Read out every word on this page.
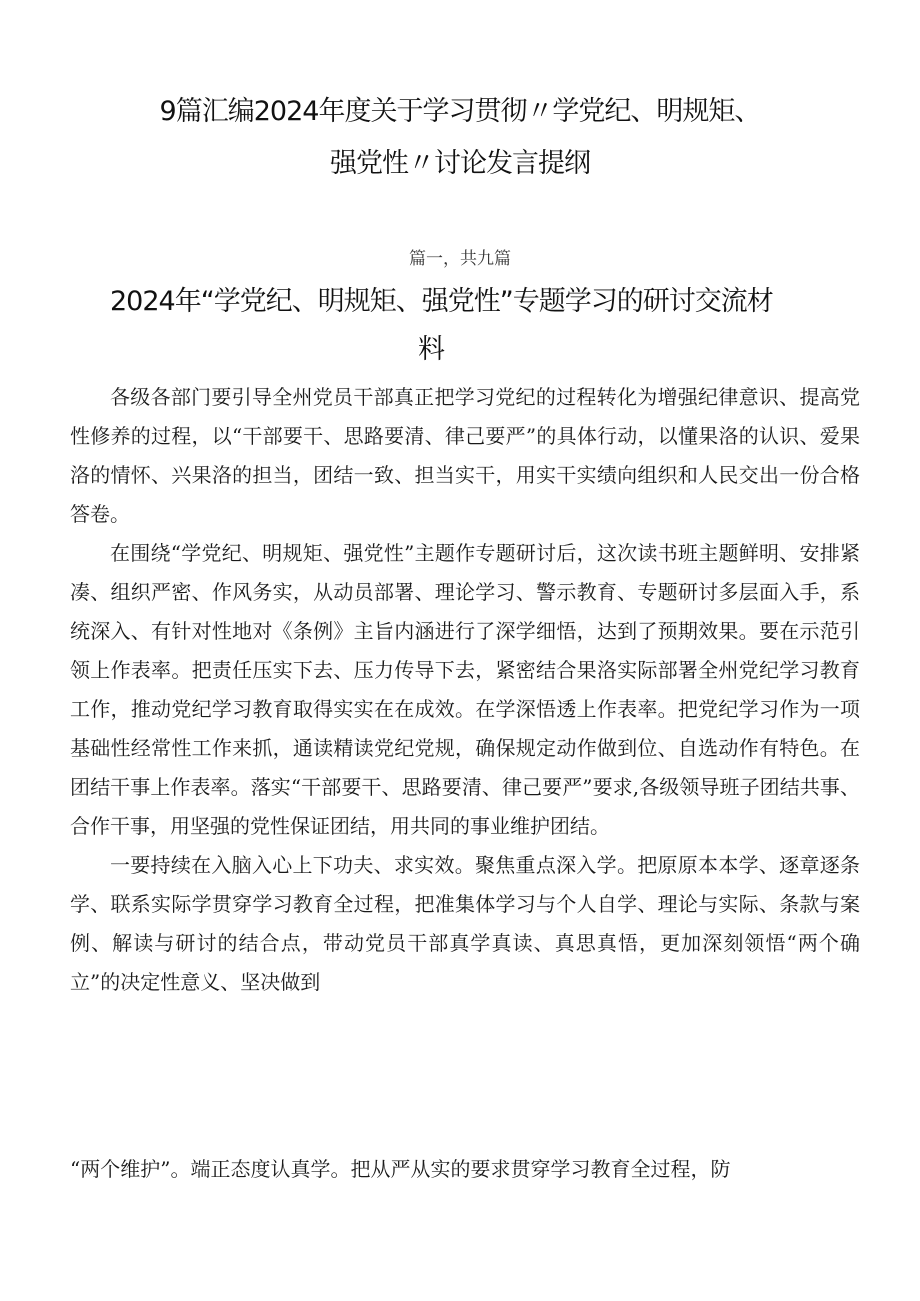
9篇汇编2024年度关于学习贯彻〃学党纪、明规矩、
强党性〃讨论发言提纲
篇一，共九篇
2024年“学党纪、明规矩、强党性”专题学习的研讨交流材
料

各级各部门要引导全州党员干部真正把学习党纪的过程转化为增强纪律意识、提高党性修养的过程，以“干部要干、思路要清、律己要严”的具体行动，以懂果洛的认识、爱果洛的情怀、兴果洛的担当，团结一致、担当实干，用实干实绩向组织和人民交出一份合格答卷。

在围绕“学党纪、明规矩、强党性”主题作专题研讨后，这次读书班主题鲜明、安排紧凑、组织严密、作风务实，从动员部署、理论学习、警示教育、专题研讨多层面入手，系统深入、有针对性地对《条例》主旨内涵进行了深学细悟，达到了预期效果。要在示范引领上作表率。把责任压实下去、压力传导下去，紧密结合果洛实际部署全州党纪学习教育工作，推动党纪学习教育取得实实在在成效。在学深悟透上作表率。把党纪学习作为一项基础性经常性工作来抓，通读精读党纪党规，确保规定动作做到位、自选动作有特色。在团结干事上作表率。落实“干部要干、思路要清、律己要严”要求,各级领导班子团结共事、合作干事，用坚强的党性保证团结，用共同的事业维护团结。

一要持续在入脑入心上下功夫、求实效。聚焦重点深入学。把原原本本学、逐章逐条学、联系实际学贯穿学习教育全过程，把准集体学习与个人自学、理论与实际、条款与案例、解读与研讨的结合点，带动党员干部真学真读、真思真悟，更加深刻领悟“两个确立”的决定性意义、坚决做到

“两个维护”。端正态度认真学。把从严从实的要求贯穿学习教育全过程，防
